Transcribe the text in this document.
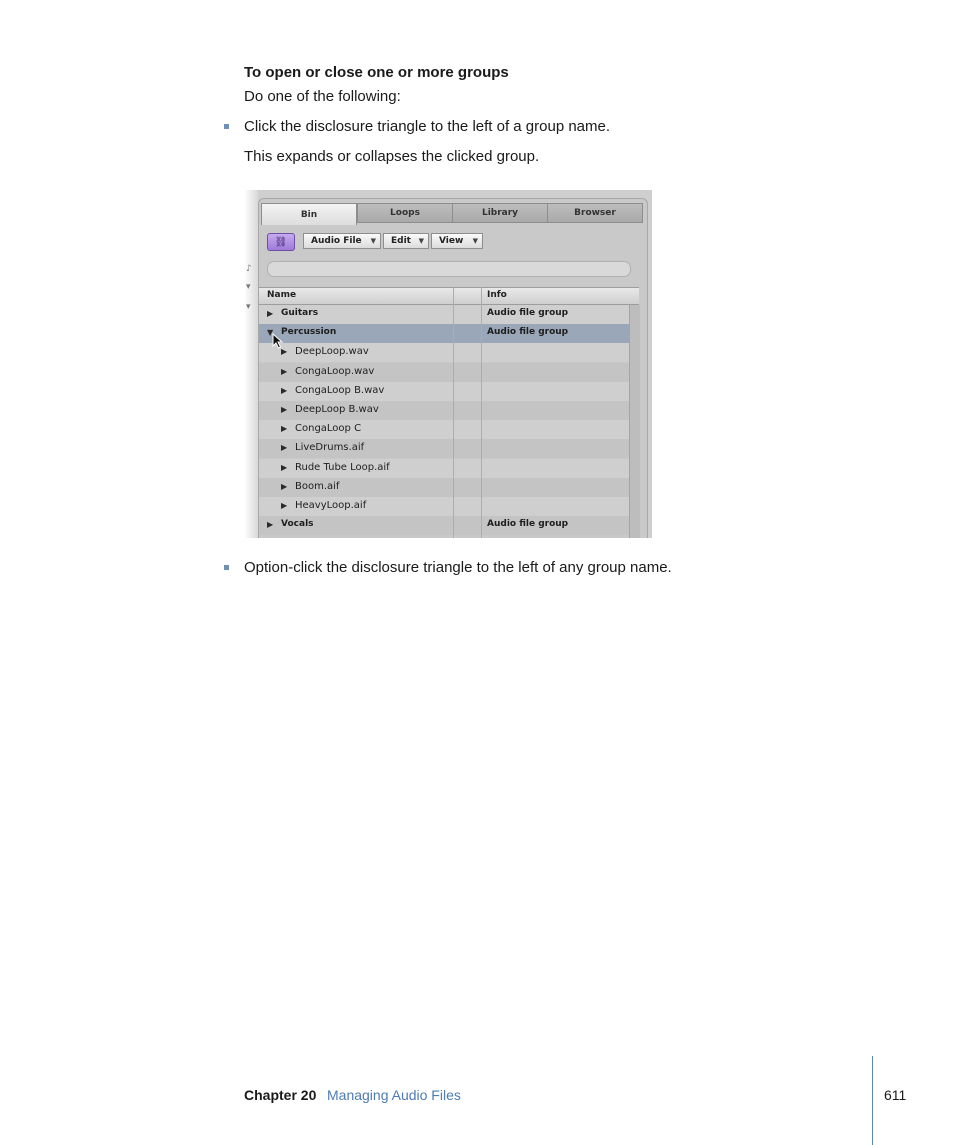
To open or close one or more groups
Do one of the following:
Click the disclosure triangle to the left of a group name.
This expands or collapses the clicked group.
♪
▾
▾
Bin	Loops	Library	Browser
⛓	Audio File ▼ Edit ▼ View ▼
Name	Info
▶ Guitars	Audio file group
▼ Percussion	Audio file group
▶ DeepLoop.wav
▶ CongaLoop.wav
▶ CongaLoop B.wav
▶ DeepLoop B.wav
▶ CongaLoop C
▶ LiveDrums.aif
▶ Rude Tube Loop.aif
▶ Boom.aif
▶ HeavyLoop.aif
▶ Vocals	Audio file group
Option-click the disclosure triangle to the left of any group name.
Chapter 20 Managing Audio Files	611
